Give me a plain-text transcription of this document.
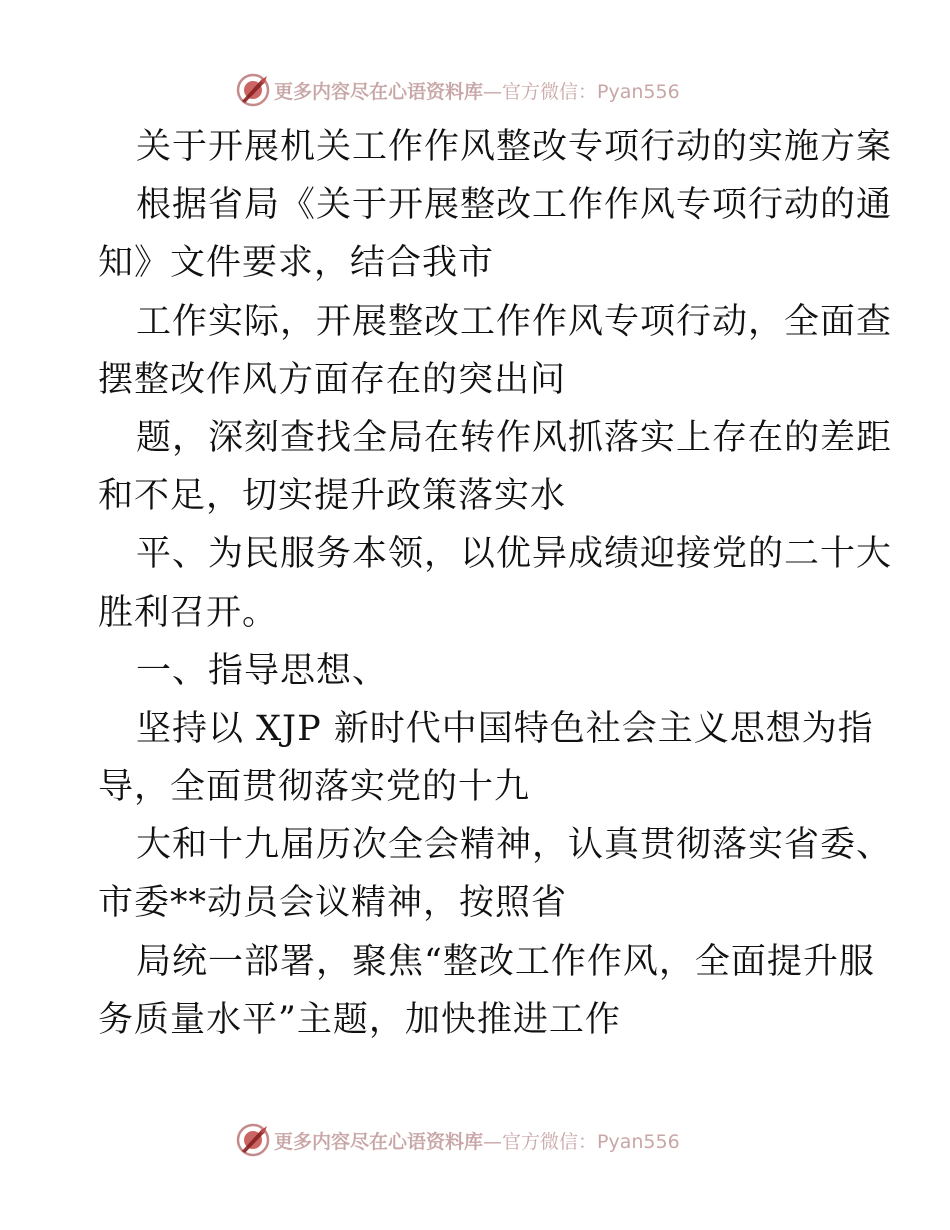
更多内容尽在心语资料库 —官方微信：Pyan556
关于开展机关工作作风整改专项行动的实施方案
根据省局《关于开展整改工作作风专项行动的通
知》文件要求，结合我市
工作实际，开展整改工作作风专项行动，全面查
摆整改作风方面存在的突出问
题，深刻查找全局在转作风抓落实上存在的差距
和不足，切实提升政策落实水
平、为民服务本领，以优异成绩迎接党的二十大
胜利召开。
一、指导思想、
坚持以 XJP 新时代中国特色社会主义思想为指
导，全面贯彻落实党的十九
大和十九届历次全会精神，认真贯彻落实省委、
市委**动员会议精神，按照省
局统一部署，聚焦“整改工作作风，全面提升服
务质量水平”主题，加快推进工作
更多内容尽在心语资料库 —官方微信：Pyan556
